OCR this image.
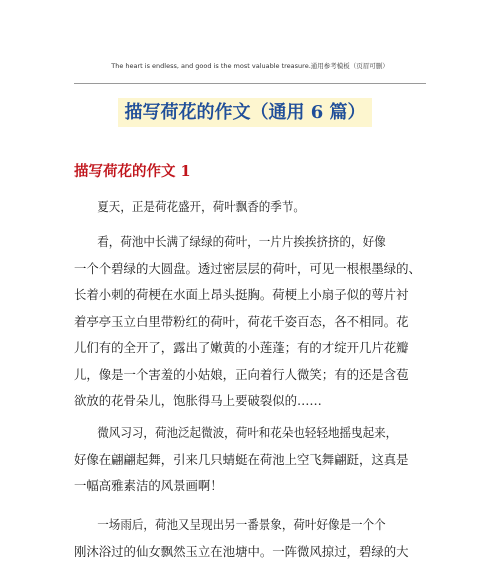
The heart is endless, and good is the most valuable treasure.通用参考模板（页眉可删）
描写荷花的作文（通用 6 篇）
描写荷花的作文 1
夏天，正是荷花盛开，荷叶飘香的季节。
看，荷池中长满了绿绿的荷叶，一片片挨挨挤挤的，好像
一个个碧绿的大圆盘。透过密层层的荷叶，可见一根根墨绿的、
长着小刺的荷梗在水面上昂头挺胸。荷梗上小扇子似的萼片衬
着亭亭玉立白里带粉红的荷叶，荷花千姿百态，各不相同。花
儿们有的全开了，露出了嫩黄的小莲蓬；有的才绽开几片花瓣
儿，像是一个害羞的小姑娘，正向着行人微笑；有的还是含苞
欲放的花骨朵儿，饱胀得马上要破裂似的……
微风习习，荷池泛起微波，荷叶和花朵也轻轻地摇曳起来，
好像在翩翩起舞，引来几只蜻蜓在荷池上空飞舞翩跹，这真是
一幅高雅素洁的风景画啊！
一场雨后，荷池又呈现出另一番景象，荷叶好像是一个个
刚沐浴过的仙女飘然玉立在池塘中。一阵微风掠过，碧绿的大
